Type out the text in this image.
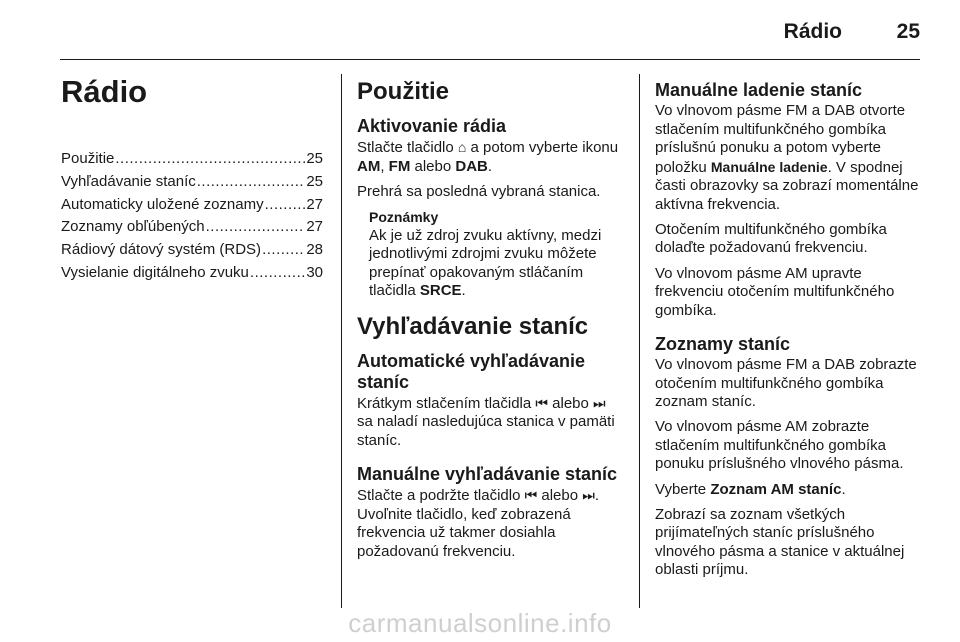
Rádio	25
Rádio
Použitie .....	25
Vyhľadávanie staníc .....	25
Automaticky uložené zoznamy .....	27
Zoznamy obľúbených .....	27
Rádiový dátový systém (RDS) .....	28
Vysielanie digitálneho zvuku .....	30
Použitie
Aktivovanie rádia

Stlačte tlačidlo ⌂ a potom vyberte ikonu AM, FM alebo DAB.

Prehrá sa posledná vybraná stanica.

Poznámky
Ak je už zdroj zvuku aktívny, medzi jednotlivými zdrojmi zvuku môžete prepínať opakovaným stláčaním tlačidla SRCE.
Vyhľadávanie staníc
Automatické vyhľadávanie staníc

Krátkym stlačením tlačidla ⏮ alebo ⏭ sa naladí nasledujúca stanica v pamäti staníc.

Manuálne vyhľadávanie staníc

Stlačte a podržte tlačidlo ⏮ alebo ⏭. Uvoľnite tlačidlo, keď zobrazená frekvencia už takmer dosiahla požadovanú frekvenciu.

Manuálne ladenie staníc

Vo vlnovom pásme FM a DAB otvorte stlačením multifunkčného gombíka príslušnú ponuku a potom vyberte položku Manuálne ladenie. V spodnej časti obrazovky sa zobrazí momentálne aktívna frekvencia.

Otočením multifunkčného gombíka dolaďte požadovanú frekvenciu.

Vo vlnovom pásme AM upravte frekvenciu otočením multifunkčného gombíka.

Zoznamy staníc

Vo vlnovom pásme FM a DAB zobrazte otočením multifunkčného gombíka zoznam staníc.

Vo vlnovom pásme AM zobrazte stlačením multifunkčného gombíka ponuku príslušného vlnového pásma.

Vyberte Zoznam AM staníc.

Zobrazí sa zoznam všetkých prijímateľných staníc príslušného vlnového pásma a stanice v aktuálnej oblasti príjmu.

carmanualsonline.info
